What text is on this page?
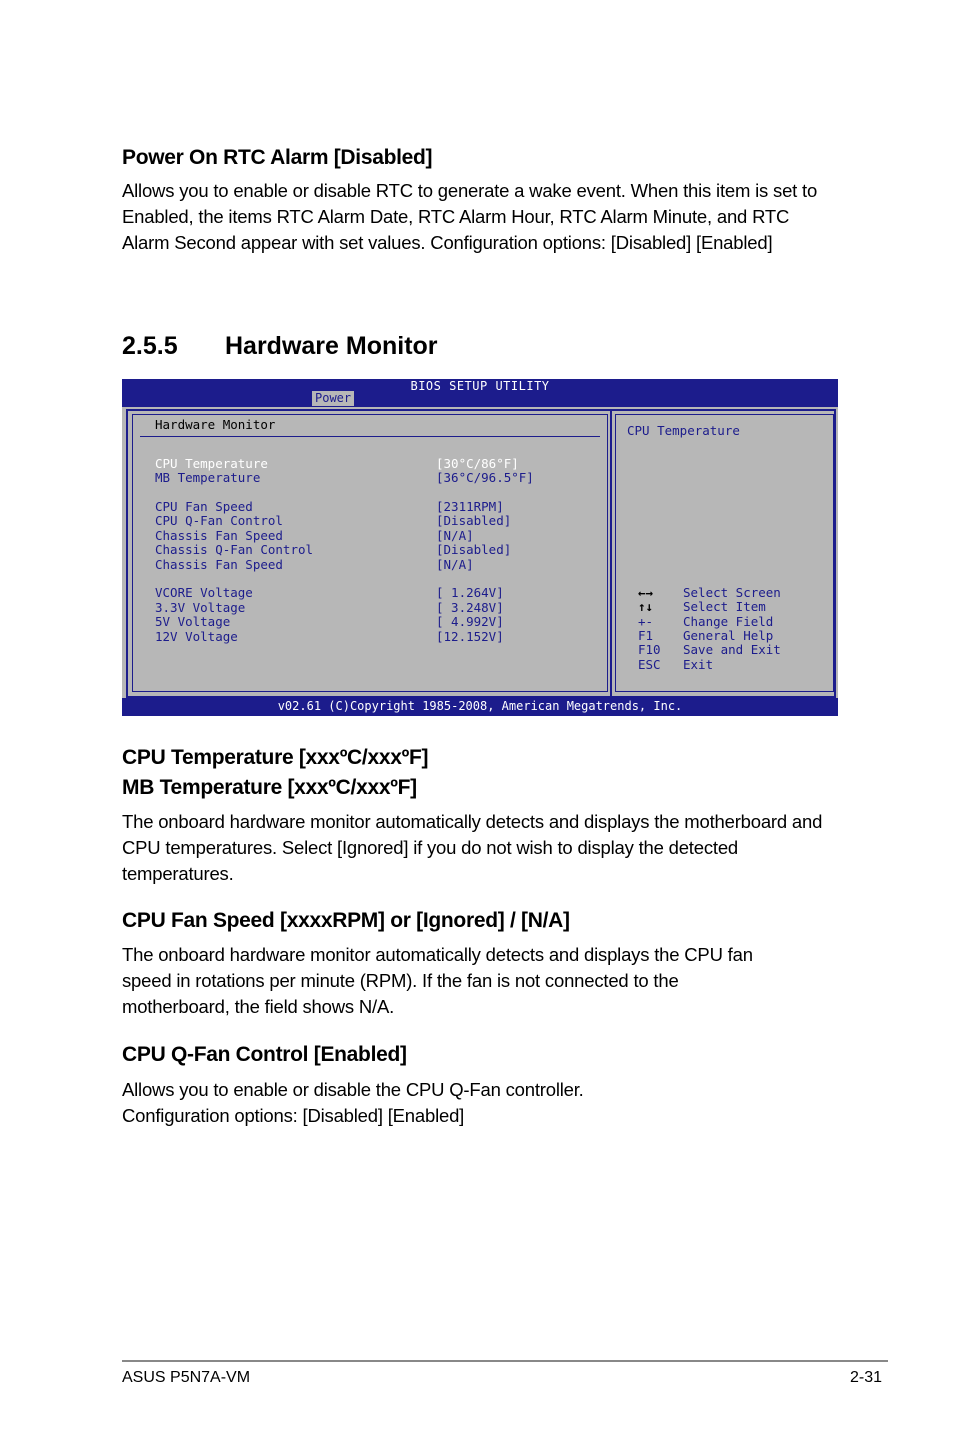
Power On RTC Alarm [Disabled]
Allows you to enable or disable RTC to generate a wake event. When this item is set to Enabled, the items RTC Alarm Date, RTC Alarm Hour, RTC Alarm Minute, and RTC Alarm Second appear with set values. Configuration options: [Disabled] [Enabled]
2.5.5 Hardware Monitor
BIOS SETUP UTILITY
Power
Hardware Monitor
CPU Temperature	[30°C/86°F]
MB Temperature	[36°C/96.5°F]
CPU Fan Speed	[2311RPM]
CPU Q-Fan Control	[Disabled]
Chassis Fan Speed	[N/A]
Chassis Q-Fan Control	[Disabled]
Chassis Fan Speed	[N/A]
VCORE Voltage	[ 1.264V]
3.3V Voltage	[ 3.248V]
5V Voltage	[ 4.992V]
12V Voltage	[12.152V]
CPU Temperature
←→ Select Screen
↑↓ Select Item
+- Change Field
F1 General Help
F10 Save and Exit
ESC Exit
v02.61 (C)Copyright 1985-2008, American Megatrends, Inc.
CPU Temperature [xxxºC/xxxºF]
MB Temperature [xxxºC/xxxºF]
The onboard hardware monitor automatically detects and displays the motherboard and CPU temperatures. Select [Ignored] if you do not wish to display the detected temperatures.
CPU Fan Speed [xxxxRPM] or [Ignored] / [N/A]
The onboard hardware monitor automatically detects and displays the CPU fan speed in rotations per minute (RPM). If the fan is not connected to the motherboard, the field shows N/A.
CPU Q-Fan Control [Enabled]
Allows you to enable or disable the CPU Q-Fan controller.
Configuration options: [Disabled] [Enabled]
ASUS P5N7A-VM	2-31
